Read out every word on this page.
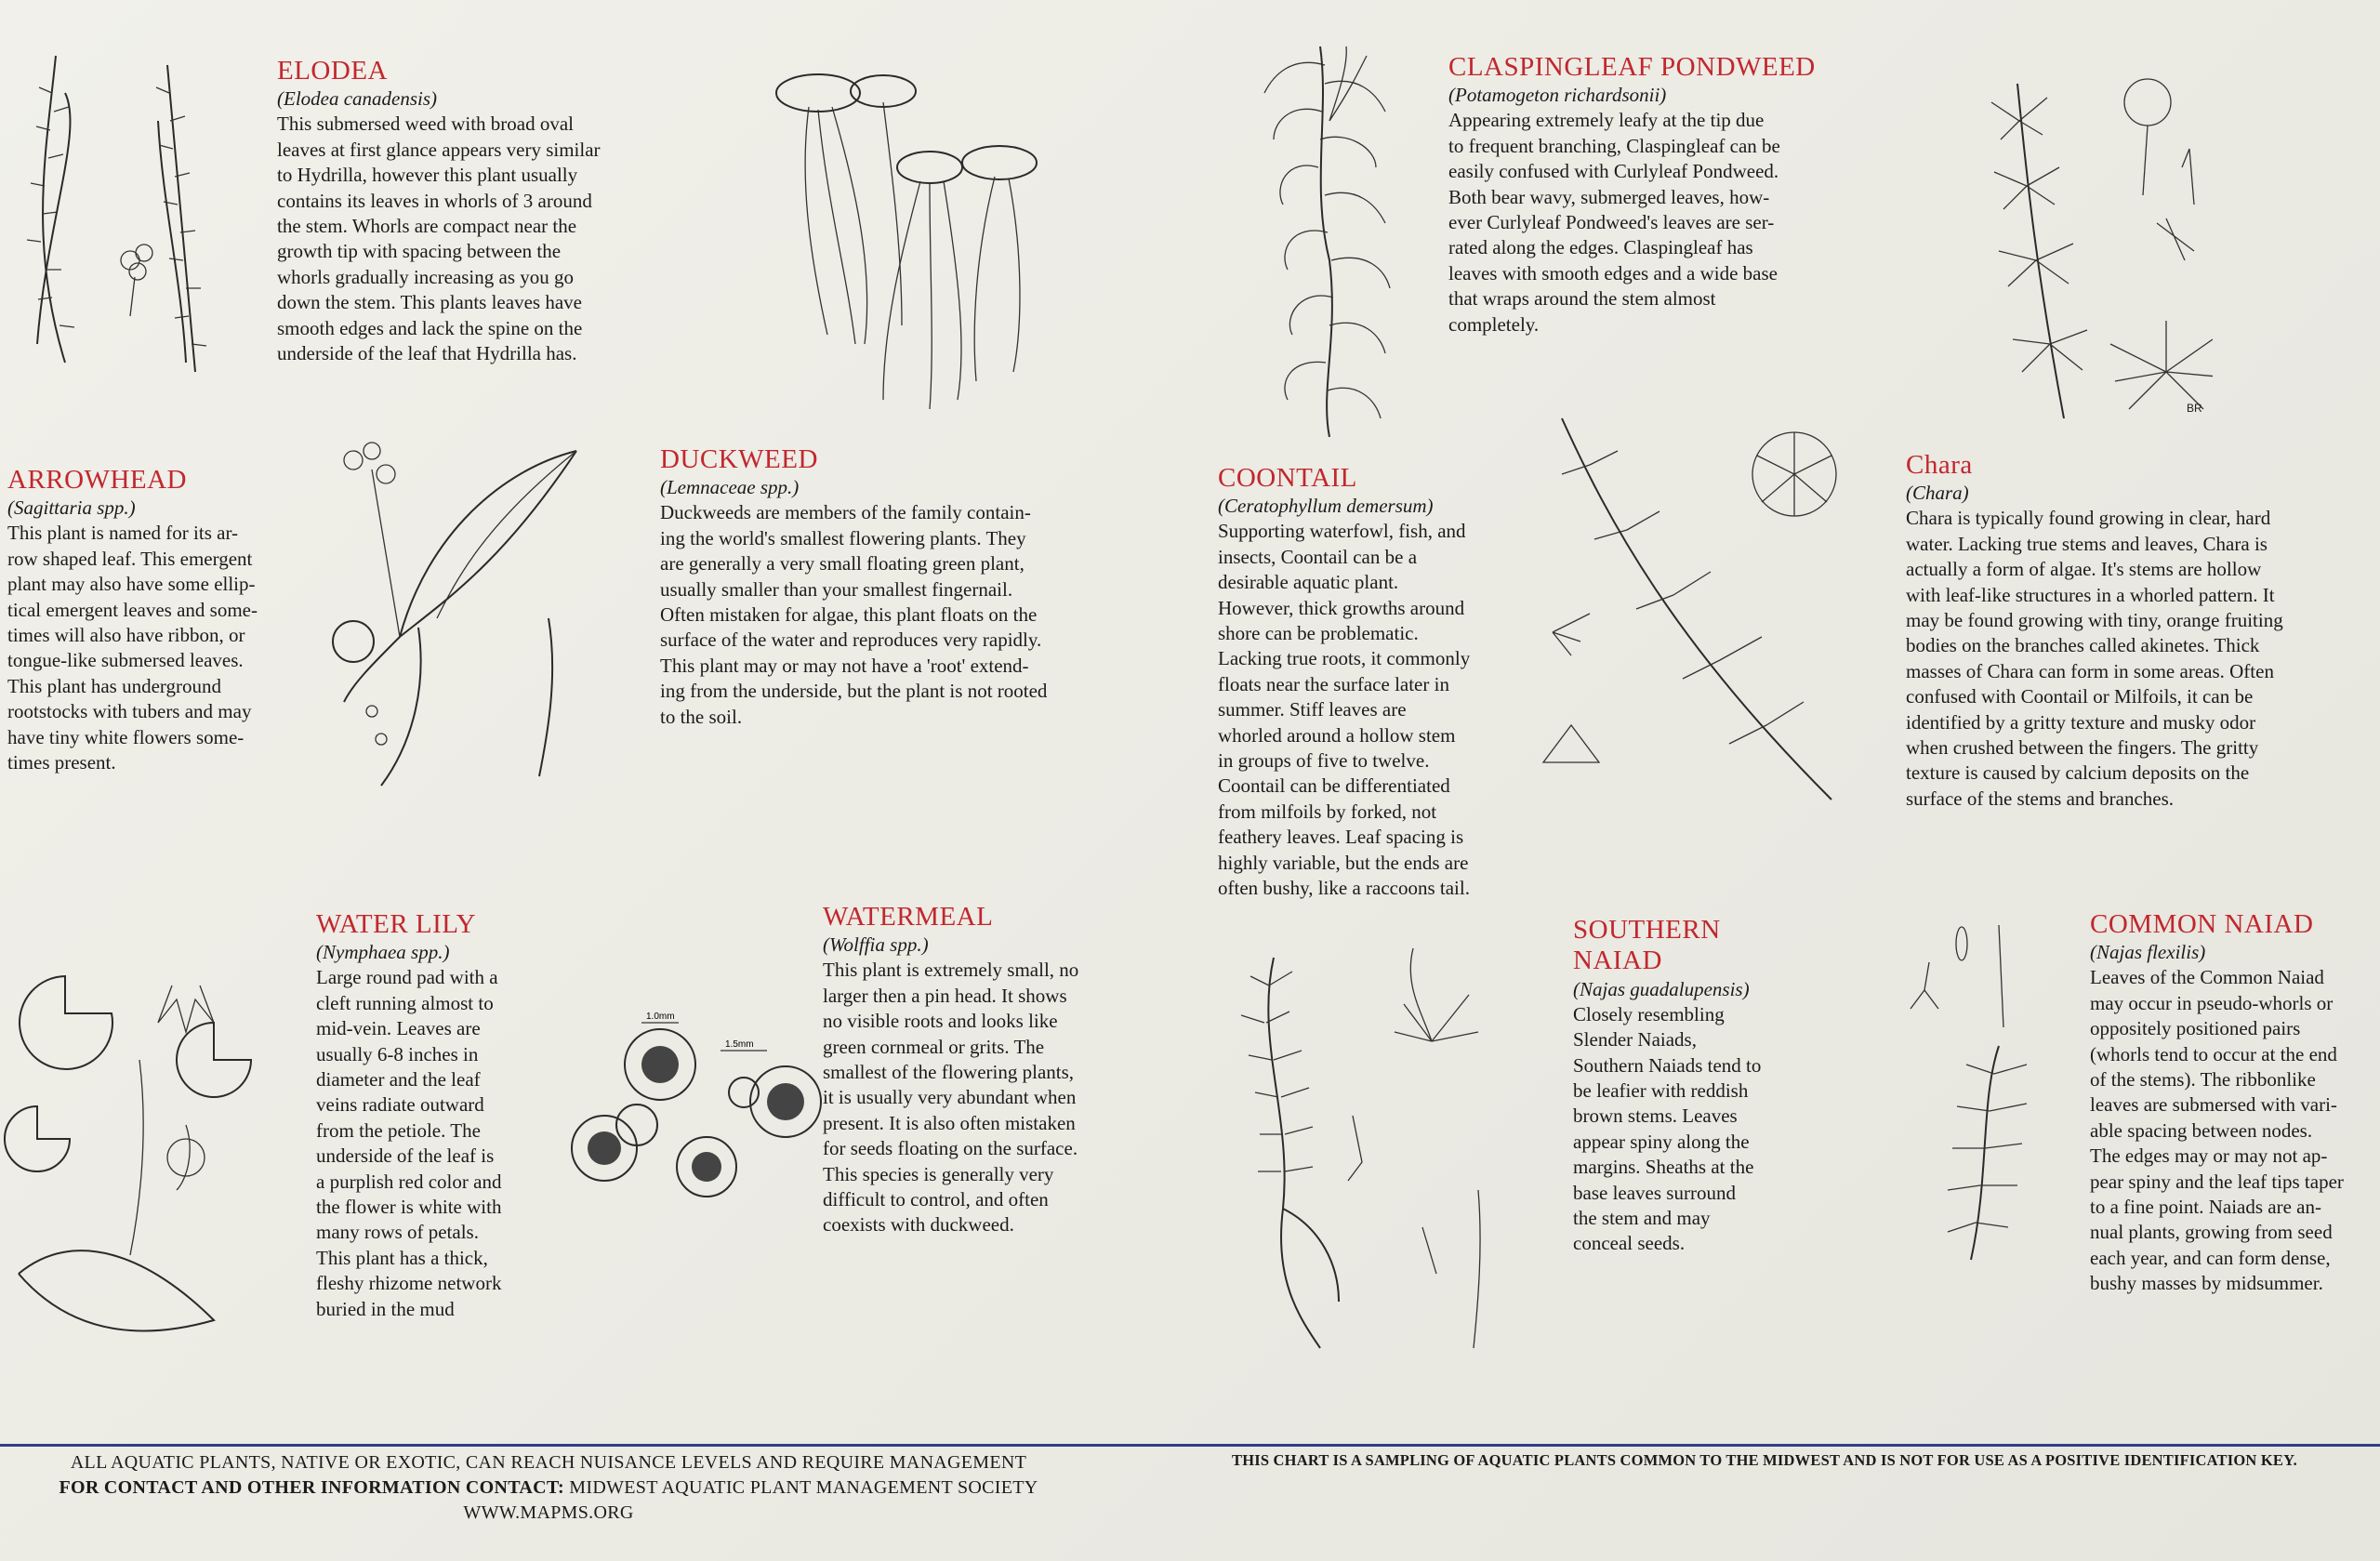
ELODEA
(Elodea canadensis)

This submersed weed with broad oval

leaves at first glance appears very similar

to Hydrilla, however this plant usually

contains its leaves in whorls of 3 around

the stem. Whorls are compact near the

growth tip with spacing between the

whorls gradually increasing as you go

down the stem. This plants leaves have

smooth edges and lack the spine on the

underside of the leaf that Hydrilla has.

CLASPINGLEAF PONDWEED
(Potamogeton richardsonii)

Appearing extremely leafy at the tip due

to frequent branching, Claspingleaf can be

easily confused with Curlyleaf Pondweed.

Both bear wavy, submerged leaves, how-

ever Curlyleaf Pondweed's leaves are ser-

rated along the edges. Claspingleaf has

leaves with smooth edges and a wide base

that wraps around the stem almost

completely.

ARROWHEAD
(Sagittaria spp.)

This plant is named for its ar-

row shaped leaf. This emergent

plant may also have some ellip-

tical emergent leaves and some-

times will also have ribbon, or

tongue-like submersed leaves.

This plant has underground

rootstocks with tubers and may

have tiny white flowers some-

times present.

DUCKWEED
(Lemnaceae spp.)

Duckweeds are members of the family contain-

ing the world's smallest flowering plants. They

are generally a very small floating green plant,

usually smaller than your smallest fingernail.

Often mistaken for algae, this plant floats on the

surface of the water and reproduces very rapidly.

This plant may or may not have a 'root' extend-

ing from the underside, but the plant is not rooted

to the soil.

COONTAIL
(Ceratophyllum demersum)

Supporting waterfowl, fish, and

insects, Coontail can be a

desirable aquatic plant.

However, thick growths around

shore can be problematic.

Lacking true roots, it commonly

floats near the surface later in

summer. Stiff leaves are

whorled around a hollow stem

in groups of five to twelve.

Coontail can be differentiated

from milfoils by forked, not

feathery leaves. Leaf spacing is

highly variable, but the ends are

often bushy, like a raccoons tail.

Chara
(Chara)

Chara is typically found growing in clear, hard

water. Lacking true stems and leaves, Chara is

actually a form of algae. It's stems are hollow

with leaf-like structures in a whorled pattern. It

may be found growing with tiny, orange fruiting

bodies on the branches called akinetes. Thick

masses of Chara can form in some areas. Often

confused with Coontail or Milfoils, it can be

identified by a gritty texture and musky odor

when crushed between the fingers. The gritty

texture is caused by calcium deposits on the

surface of the stems and branches.

WATER LILY
(Nymphaea spp.)

Large round pad with a

cleft running almost to

mid-vein. Leaves are

usually 6-8 inches in

diameter and the leaf

veins radiate outward

from the petiole. The

underside of the leaf is

a purplish red color and

the flower is white with

many rows of petals.

This plant has a thick,

fleshy rhizome network

buried in the mud

1.0mm
1.5mm
WATERMEAL
(Wolffia spp.)

This plant is extremely small, no

larger then a pin head. It shows

no visible roots and looks like

green cornmeal or grits. The

smallest of the flowering plants,

it is usually very abundant when

present. It is also often mistaken

for seeds floating on the surface.

This species is generally very

difficult to control, and often

coexists with duckweed.

SOUTHERN
NAIAD
(Najas guadalupensis)

Closely resembling

Slender Naiads,

Southern Naiads tend to

be leafier with reddish

brown stems. Leaves

appear spiny along the

margins. Sheaths at the

base leaves surround

the stem and may

conceal seeds.

COMMON NAIAD
(Najas flexilis)

Leaves of the Common Naiad

may occur in pseudo-whorls or

oppositely positioned pairs

(whorls tend to occur at the end

of the stems). The ribbonlike

leaves are submersed with vari-

able spacing between nodes.

The edges may or may not ap-

pear spiny and the leaf tips taper

to a fine point. Naiads are an-

nual plants, growing from seed

each year, and can form dense,

bushy masses by midsummer.

BR
ALL AQUATIC PLANTS, NATIVE OR EXOTIC, CAN REACH NUISANCE LEVELS AND REQUIRE MANAGEMENT
FOR CONTACT AND OTHER INFORMATION CONTACT: MIDWEST AQUATIC PLANT MANAGEMENT SOCIETY
WWW.MAPMS.ORG
THIS CHART IS A SAMPLING OF AQUATIC PLANTS COMMON TO THE MIDWEST AND IS NOT FOR USE AS A POSITIVE IDENTIFICATION KEY.
